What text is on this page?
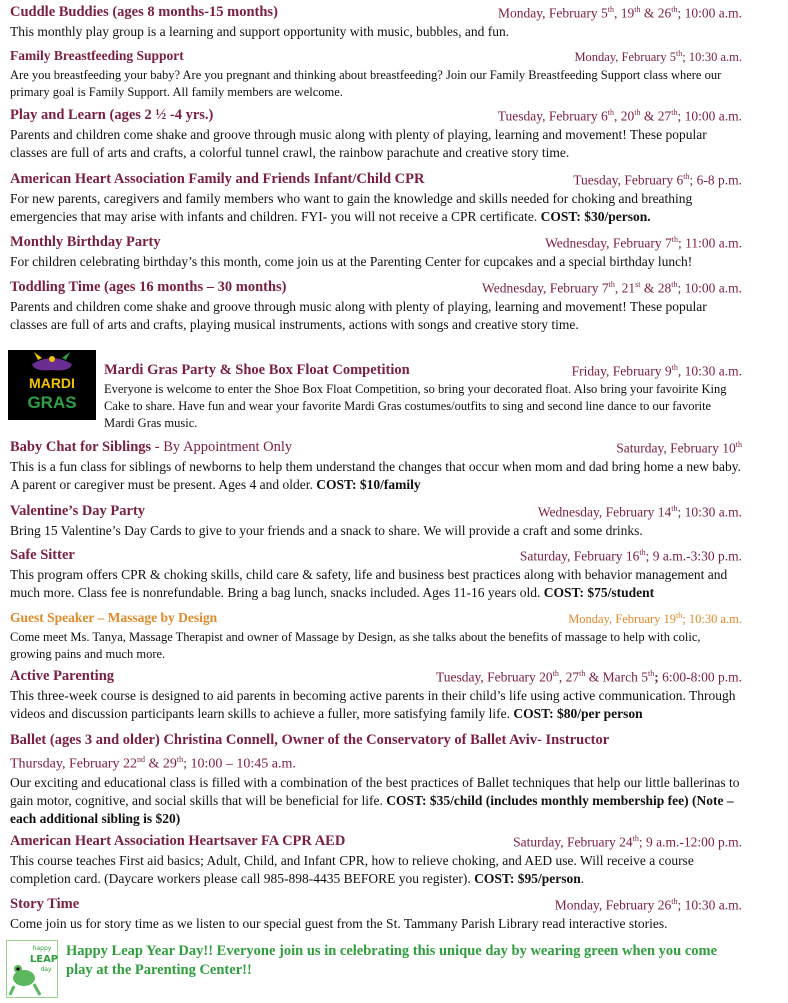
Cuddle Buddies (ages 8 months-15 months)	Monday, February 5th, 19th & 26th; 10:00 a.m.

This monthly play group is a learning and support opportunity with music, bubbles, and fun.

Family Breastfeeding Support	Monday, February 5th; 10:30 a.m.

Are you breastfeeding your baby? Are you pregnant and thinking about breastfeeding? Join our Family Breastfeeding Support class where our primary goal is Family Support. All family members are welcome.

Play and Learn (ages 2 ½ -4 yrs.)	Tuesday, February 6th, 20th & 27th; 10:00 a.m.

Parents and children come shake and groove through music along with plenty of playing, learning and movement! These popular classes are full of arts and crafts, a colorful tunnel crawl, the rainbow parachute and creative story time.

American Heart Association Family and Friends Infant/Child CPR	Tuesday, February 6th; 6-8 p.m.

For new parents, caregivers and family members who want to gain the knowledge and skills needed for choking and breathing emergencies that may arise with infants and children. FYI- you will not receive a CPR certificate. COST: $30/person.

Monthly Birthday Party	Wednesday, February 7th; 11:00 a.m.

For children celebrating birthday’s this month, come join us at the Parenting Center for cupcakes and a special birthday lunch!

Toddling Time (ages 16 months – 30 months)	Wednesday, February 7th, 21st & 28th; 10:00 a.m.

Parents and children come shake and groove through music along with plenty of playing, learning and movement! These popular classes are full of arts and crafts, playing musical instruments, actions with songs and creative story time.

MARDI
GRAS
Mardi Gras Party & Shoe Box Float Competition	Friday, February 9th, 10:30 a.m.

Everyone is welcome to enter the Shoe Box Float Competition, so bring your decorated float. Also bring your favoirite King Cake to share. Have fun and wear your favorite Mardi Gras costumes/outfits to sing and second line dance to our favorite Mardi Gras music.

Baby Chat for Siblings - By Appointment Only	Saturday, February 10th

This is a fun class for siblings of newborns to help them understand the changes that occur when mom and dad bring home a new baby. A parent or caregiver must be present. Ages 4 and older. COST: $10/family

Valentine’s Day Party	Wednesday, February 14th; 10:30 a.m.

Bring 15 Valentine’s Day Cards to give to your friends and a snack to share. We will provide a craft and some drinks.

Safe Sitter	Saturday, February 16th; 9 a.m.-3:30 p.m.

This program offers CPR & choking skills, child care & safety, life and business best practices along with behavior management and much more. Class fee is nonrefundable. Bring a bag lunch, snacks included. Ages 11-16 years old. COST: $75/student

Guest Speaker – Massage by Design	Monday, February 19th; 10:30 a.m.

Come meet Ms. Tanya, Massage Therapist and owner of Massage by Design, as she talks about the benefits of massage to help with colic, growing pains and much more.

Active Parenting	Tuesday, February 20th, 27th & March 5th; 6:00-8:00 p.m.

This three-week course is designed to aid parents in becoming active parents in their child’s life using active communication. Through videos and discussion participants learn skills to achieve a fuller, more satisfying family life. COST: $80/per person

Ballet (ages 3 and older) Christina Connell, Owner of the Conservatory of Ballet Aviv- Instructor
Thursday, February 22nd & 29th; 10:00 – 10:45 a.m.

Our exciting and educational class is filled with a combination of the best practices of Ballet techniques that help our little ballerinas to gain motor, cognitive, and social skills that will be beneficial for life. COST: $35/child (includes monthly membership fee) (Note – each additional sibling is $20)

American Heart Association Heartsaver FA CPR AED	Saturday, February 24th; 9 a.m.-12:00 p.m.

This course teaches First aid basics; Adult, Child, and Infant CPR, how to relieve choking, and AED use. Will receive a course completion card. (Daycare workers please call 985-898-4435 BEFORE you register). COST: $95/person.

Story Time	Monday, February 26th; 10:30 a.m.

Come join us for story time as we listen to our special guest from the St. Tammany Parish Library read interactive stories.

happy
LEAP
day
Happy Leap Year Day!! Everyone join us in celebrating this unique day by wearing green when you come play at the Parenting Center!!
